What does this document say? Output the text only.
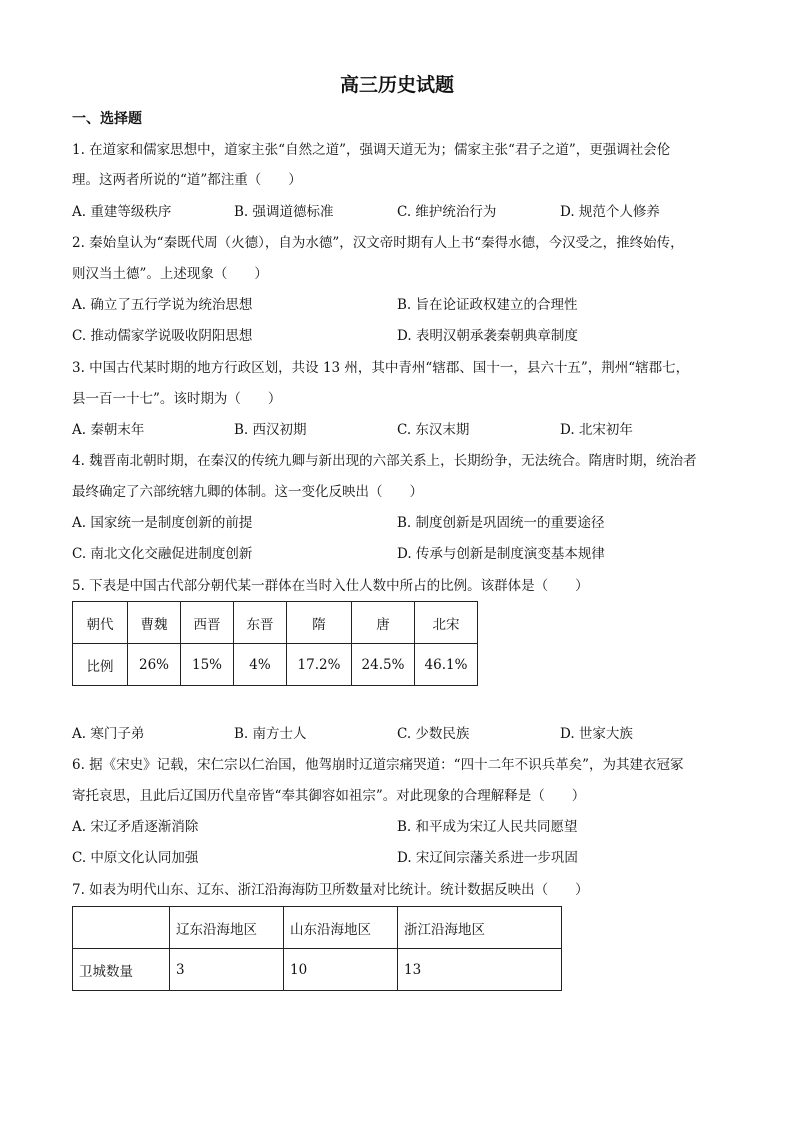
高三历史试题
一、选择题
1. 在道家和儒家思想中，道家主张“自然之道”，强调天道无为；儒家主张“君子之道”，更强调社会伦
理。这两者所说的“道”都注重（　　）
A. 重建等级秩序	B. 强调道德标准	C. 维护统治行为	D. 规范个人修养
2. 秦始皇认为“秦既代周（火德），自为水德”，汉文帝时期有人上书“秦得水德，今汉受之，推终始传，
则汉当土德”。上述现象（　　）
A. 确立了五行学说为统治思想	B. 旨在论证政权建立的合理性
C. 推动儒家学说吸收阴阳思想	D. 表明汉朝承袭秦朝典章制度
3. 中国古代某时期的地方行政区划，共设 13 州，其中青州“辖郡、国十一，县六十五”，荆州“辖郡七，
县一百一十七”。该时期为（　　）
A. 秦朝末年	B. 西汉初期	C. 东汉末期	D. 北宋初年
4. 魏晋南北朝时期，在秦汉的传统九卿与新出现的六部关系上，长期纷争，无法统合。隋唐时期，统治者
最终确定了六部统辖九卿的体制。这一变化反映出（　　）
A. 国家统一是制度创新的前提	B. 制度创新是巩固统一的重要途径
C. 南北文化交融促进制度创新	D. 传承与创新是制度演变基本规律
5. 下表是中国古代部分朝代某一群体在当时入仕人数中所占的比例。该群体是（　　）
朝代	曹魏	西晋	东晋	隋	唐	北宋
比例	26%	15%	4%	17.2%	24.5%	46.1%
A. 寒门子弟	B. 南方士人	C. 少数民族	D. 世家大族
6. 据《宋史》记载，宋仁宗以仁治国，他驾崩时辽道宗痛哭道：“四十二年不识兵革矣”，为其建衣冠冢
寄托哀思，且此后辽国历代皇帝皆“奉其御容如祖宗”。对此现象的合理解释是（　　）
A. 宋辽矛盾逐渐消除	B. 和平成为宋辽人民共同愿望
C. 中原文化认同加强	D. 宋辽间宗藩关系进一步巩固
7. 如表为明代山东、辽东、浙江沿海海防卫所数量对比统计。统计数据反映出（　　）
	辽东沿海地区	山东沿海地区	浙江沿海地区
卫城数量	3	10	13
